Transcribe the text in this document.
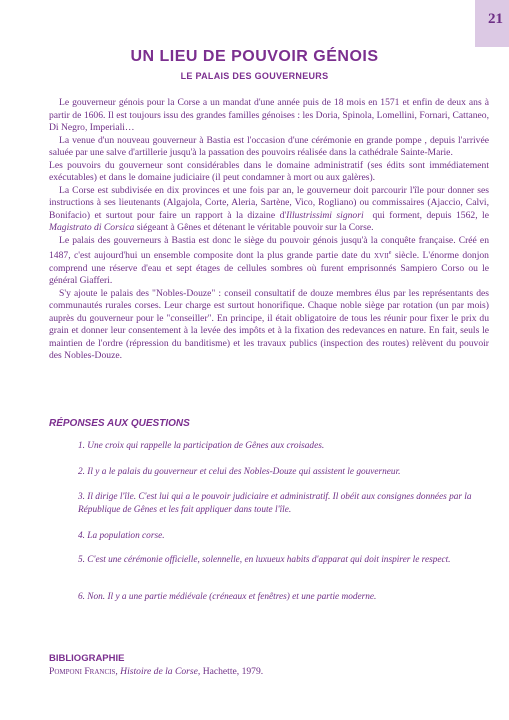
21
UN LIEU DE POUVOIR GÉNOIS
LE PALAIS DES GOUVERNEURS

Le gouverneur génois pour la Corse a un mandat d'une année puis de 18 mois en 1571 et enfin de deux ans à partir de 1606. Il est toujours issu des grandes familles génoises : les Doria, Spinola, Lomellini, Fornari, Cattaneo, Di Negro, Imperiali…

La venue d'un nouveau gouverneur à Bastia est l'occasion d'une cérémonie en grande pompe , depuis l'arrivée saluée par une salve d'artillerie jusqu'à la passation des pouvoirs réalisée dans la cathédrale Sainte-Marie.

Les pouvoirs du gouverneur sont considérables dans le domaine administratif (ses édits sont immédiatement exécutables) et dans le domaine judiciaire (il peut condamner à mort ou aux galères).

La Corse est subdivisée en dix provinces et une fois par an, le gouverneur doit parcourir l'île pour donner ses instructions à ses lieutenants (Algajola, Corte, Aleria, Sartène, Vico, Rogliano) ou commissaires (Ajaccio, Calvi, Bonifacio) et surtout pour faire un rapport à la dizaine d'Illustrissimi signori  qui forment, depuis 1562, le Magistrato di Corsica siégeant à Gênes et détenant le véritable pouvoir sur la Corse.

Le palais des gouverneurs à Bastia est donc le siège du pouvoir génois jusqu'à la conquête française. Créé en 1487, c'est aujourd'hui un ensemble composite dont la plus grande partie date du xvii$^e$ siècle. L'énorme donjon comprend une réserve d'eau et sept étages de cellules sombres où furent emprisonnés Sampiero Corso ou le général Giafferi.

S'y ajoute le palais des "Nobles-Douze" : conseil consultatif de douze membres élus par les représentants des communautés rurales corses. Leur charge est surtout honorifique. Chaque noble siège par rotation (un par mois) auprès du gouverneur pour le "conseiller". En principe, il était obligatoire de tous les réunir pour fixer le prix du grain et donner leur consentement à la levée des impôts et à la fixation des redevances en nature. En fait, seuls le maintien de l'ordre (répression du banditisme) et les travaux publics (inspection des routes) relèvent du pouvoir des Nobles-Douze.

RÉPONSES AUX QUESTIONS

1. Une croix qui rappelle la participation de Gênes aux croisades.

2. Il y a le palais du gouverneur et celui des Nobles-Douze qui assistent le gouverneur.

3. Il dirige l'île. C'est lui qui a le pouvoir judiciaire et administratif. Il obéit aux consignes données par la République de Gênes et les fait appliquer dans toute l'île.

4. La population corse.

5. C'est une cérémonie officielle, solennelle, en luxueux habits d'apparat qui doit inspirer le respect.

6. Non. Il y a une partie médiévale (créneaux et fenêtres) et une partie moderne.

BIBLIOGRAPHIE

Pomponi Francis, Histoire de la Corse, Hachette, 1979.
